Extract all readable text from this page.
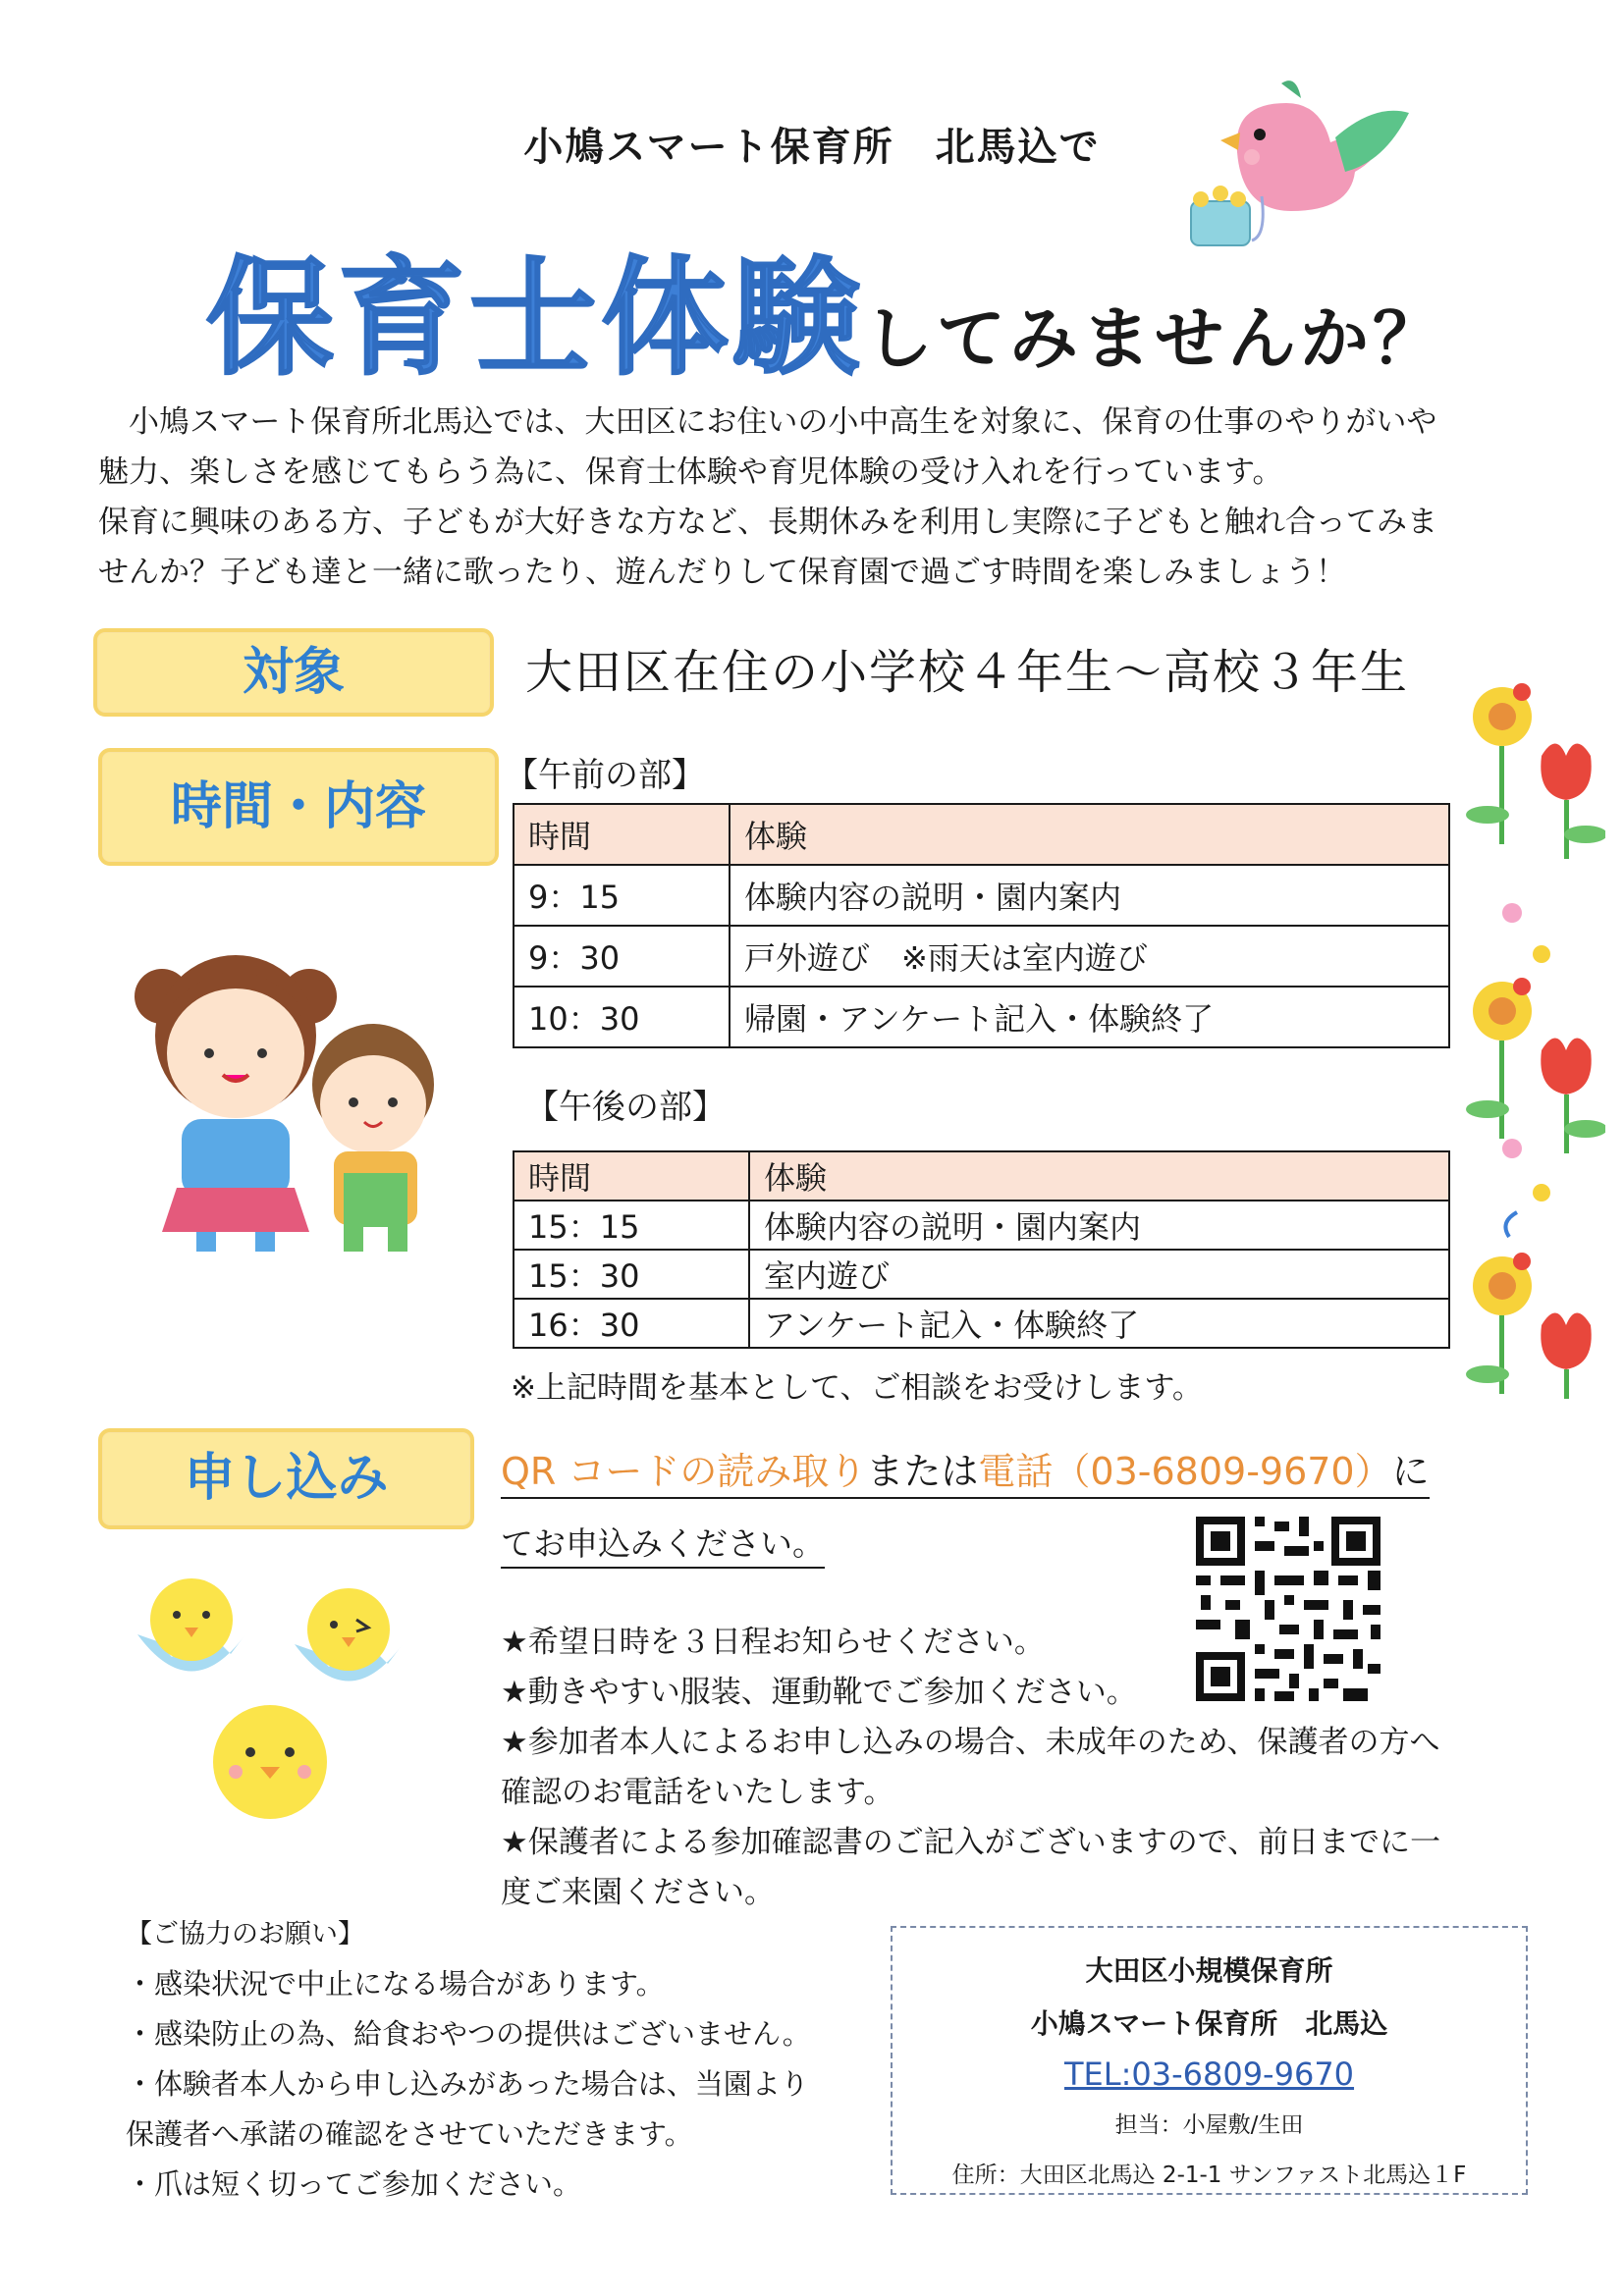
小鳩スマート保育所　北馬込で
保育士体験してみませんか？

　小鳩スマート保育所北馬込では、大田区にお住いの小中高生を対象に、保育の仕事のやりがいや

魅力、楽しさを感じてもらう為に、保育士体験や育児体験の受け入れを行っています。

保育に興味のある方、子どもが大好きな方など、長期休みを利用し実際に子どもと触れ合ってみま

せんか？子ども達と一緒に歌ったり、遊んだりして保育園で過ごす時間を楽しみましょう！

対象	大田区在住の小学校４年生～高校３年生
時間・内容
【午前の部】
時間	体験
9：15	体験内容の説明・園内案内
9：30	戸外遊び　※雨天は室内遊び
10：30	帰園・アンケート記入・体験終了
【午後の部】
時間	体験
15：15	体験内容の説明・園内案内
15：30	室内遊び
16：30	アンケート記入・体験終了
※上記時間を基本として、ご相談をお受けします。
申し込み	QR コードの読み取りまたは電話（03-6809-9670）に
てお申込みください。

★希望日時を３日程お知らせください。

★動きやすい服装、運動靴でご参加ください。

★参加者本人によるお申し込みの場合、未成年のため、保護者の方へ

確認のお電話をいたします。

★保護者による参加確認書のご記入がございますので、前日までに一

度ご来園ください。

【ご協力のお願い】

・感染状況で中止になる場合があります。

・感染防止の為、給食おやつの提供はございません。

・体験者本人から申し込みがあった場合は、当園より

保護者へ承諾の確認をさせていただきます。

・爪は短く切ってご参加ください。

大田区小規模保育所
小鳩スマート保育所　北馬込
TEL:03-6809-9670
担当：小屋敷/生田
住所：大田区北馬込 2-1-1 サンファスト北馬込１F
